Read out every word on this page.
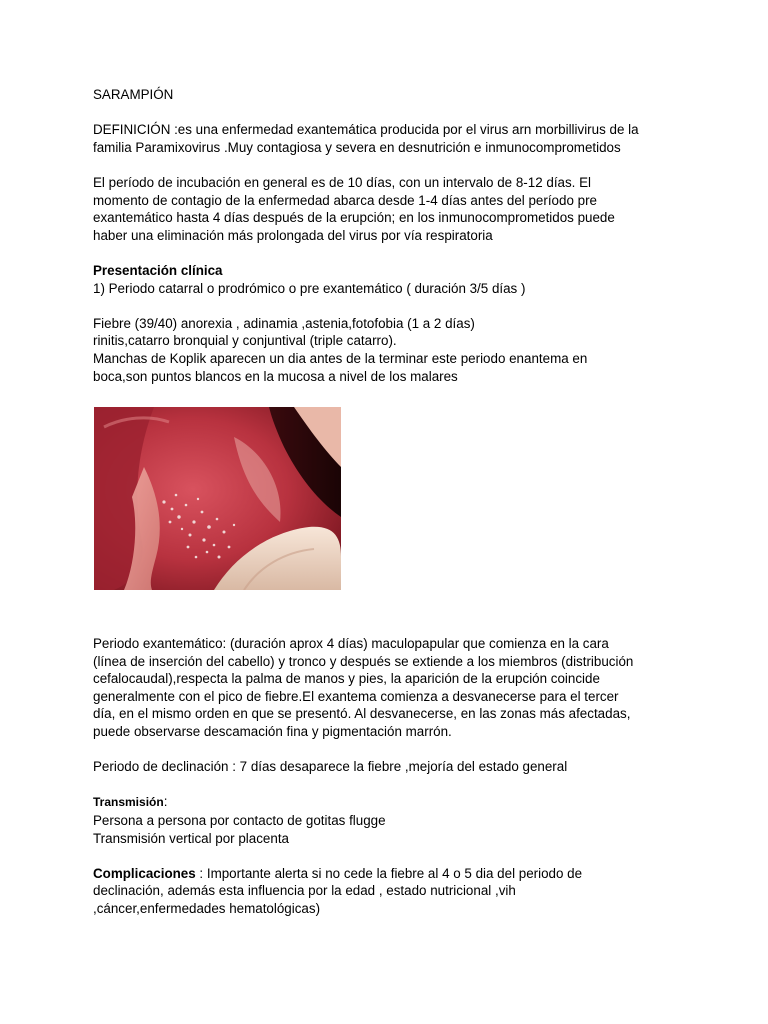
SARAMPIÓN

DEFINICIÓN :es una enfermedad exantemática producida por el virus arn morbillivirus de la

familia Paramixovirus .Muy contagiosa y severa en desnutrición e inmunocomprometidos

El período de incubación en general es de 10 días, con un intervalo de 8-12 días. El

momento de contagio de la enfermedad abarca desde 1-4 días antes del período pre

exantemático hasta 4 días después de la erupción; en los inmunocomprometidos puede

haber una eliminación más prolongada del virus por vía respiratoria

Presentación clínica

1) Periodo catarral o prodrómico o pre exantemático ( duración 3/5 días )

Fiebre (39/40) anorexia , adinamia ,astenia,fotofobia (1 a 2 días)

rinitis,catarro bronquial y conjuntival (triple catarro).

Manchas de Koplik aparecen un dia antes de la terminar este periodo enantema en

boca,son puntos blancos en la mucosa a nivel de los malares

Periodo exantemático: (duración aprox 4 días) maculopapular que comienza en la cara

(línea de inserción del cabello) y tronco y después se extiende a los miembros (distribución

cefalocaudal),respecta la palma de manos y pies, la aparición de la erupción coincide

generalmente con el pico de fiebre.El exantema comienza a desvanecerse para el tercer

día, en el mismo orden en que se presentó. Al desvanecerse, en las zonas más afectadas,

puede observarse descamación fina y pigmentación marrón.

Periodo de declinación : 7 días desaparece la fiebre ,mejoría del estado general

Transmisión:

Persona a persona por contacto de gotitas flugge

Transmisión vertical por placenta

Complicaciones : Importante alerta si no cede la fiebre al 4 o 5 dia del periodo de

declinación, además esta influencia por la edad , estado nutricional ,vih

,cáncer,enfermedades hematológicas)
